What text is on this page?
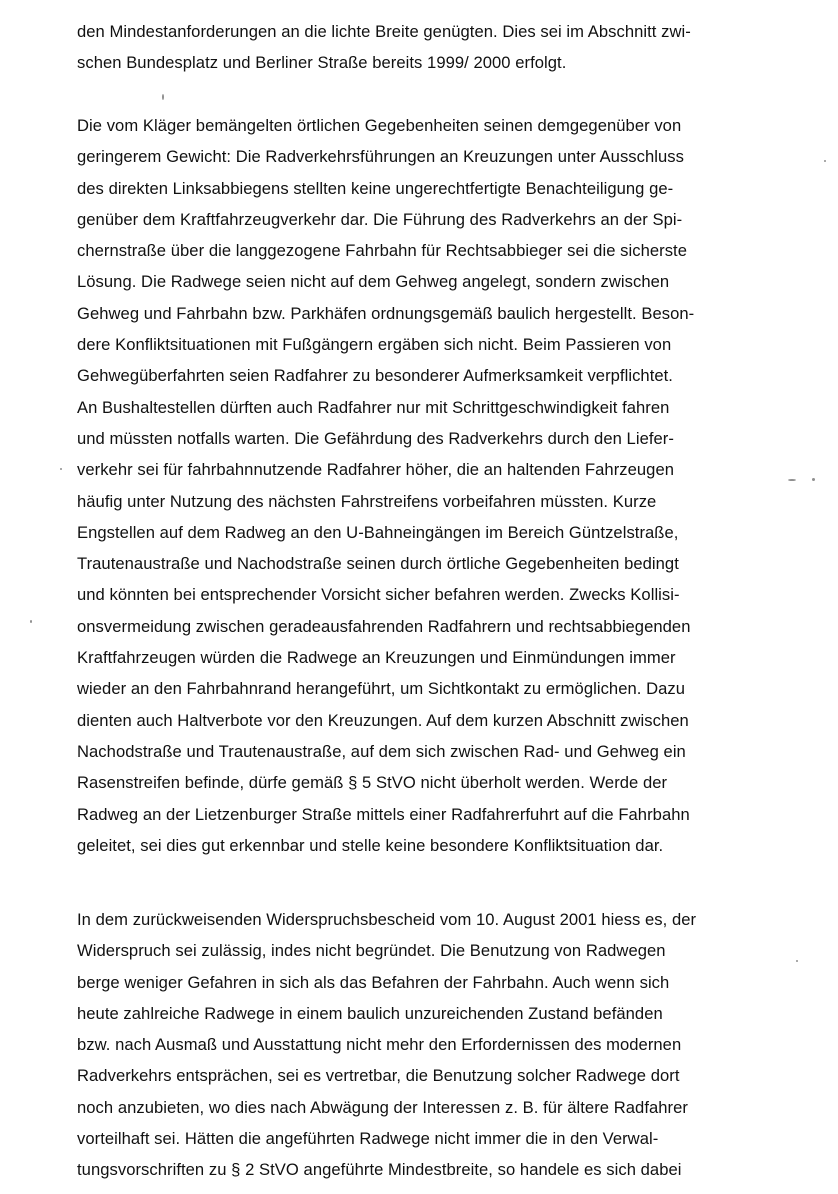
den Mindestanforderungen an die lichte Breite genügten. Dies sei im Abschnitt zwi-
schen Bundesplatz und Berliner Straße bereits 1999/ 2000 erfolgt.
Die vom Kläger bemängelten örtlichen Gegebenheiten seinen demgegenüber von
geringerem Gewicht: Die Radverkehrsführungen an Kreuzungen unter Ausschluss
des direkten Linksabbiegens stellten keine ungerechtfertigte Benachteiligung ge-
genüber dem Kraftfahrzeugverkehr dar. Die Führung des Radverkehrs an der Spi-
chernstraße über die langgezogene Fahrbahn für Rechtsabbieger sei die sicherste
Lösung. Die Radwege seien nicht auf dem Gehweg angelegt, sondern zwischen
Gehweg und Fahrbahn bzw. Parkhäfen ordnungsgemäß baulich hergestellt. Beson-
dere Konfliktsituationen mit Fußgängern ergäben sich nicht. Beim Passieren von
Gehwegüberfahrten seien Radfahrer zu besonderer Aufmerksamkeit verpflichtet.
An Bushaltestellen dürften auch Radfahrer nur mit Schrittgeschwindigkeit fahren
und müssten notfalls warten. Die Gefährdung des Radverkehrs durch den Liefer-
verkehr sei für fahrbahnnutzende Radfahrer höher, die an haltenden Fahrzeugen
häufig unter Nutzung des nächsten Fahrstreifens vorbeifahren müssten. Kurze
Engstellen auf dem Radweg an den U-Bahneingängen im Bereich Güntzelstraße,
Trautenaustraße und Nachodstraße seinen durch örtliche Gegebenheiten bedingt
und könnten bei entsprechender Vorsicht sicher befahren werden. Zwecks Kollisi-
onsvermeidung zwischen geradeausfahrenden Radfahrern und rechtsabbiegenden
Kraftfahrzeugen würden die Radwege an Kreuzungen und Einmündungen immer
wieder an den Fahrbahnrand herangeführt, um Sichtkontakt zu ermöglichen. Dazu
dienten auch Haltverbote vor den Kreuzungen. Auf dem kurzen Abschnitt zwischen
Nachodstraße und Trautenaustraße, auf dem sich zwischen Rad- und Gehweg ein
Rasenstreifen befinde, dürfe gemäß § 5 StVO nicht überholt werden. Werde der
Radweg an der Lietzenburger Straße mittels einer Radfahrerfuhrt auf die Fahrbahn
geleitet, sei dies gut erkennbar und stelle keine besondere Konfliktsituation dar.
In dem zurückweisenden Widerspruchsbescheid vom 10. August 2001 hiess es, der
Widerspruch sei zulässig, indes nicht begründet. Die Benutzung von Radwegen
berge weniger Gefahren in sich als das Befahren der Fahrbahn. Auch wenn sich
heute zahlreiche Radwege in einem baulich unzureichenden Zustand befänden
bzw. nach Ausmaß und Ausstattung nicht mehr den Erfordernissen des modernen
Radverkehrs entsprächen, sei es vertretbar, die Benutzung solcher Radwege dort
noch anzubieten, wo dies nach Abwägung der Interessen z. B. für ältere Radfahrer
vorteilhaft sei. Hätten die angeführten Radwege nicht immer die in den Verwal-
tungsvorschriften zu § 2 StVO angeführte Mindestbreite, so handele es sich dabei
